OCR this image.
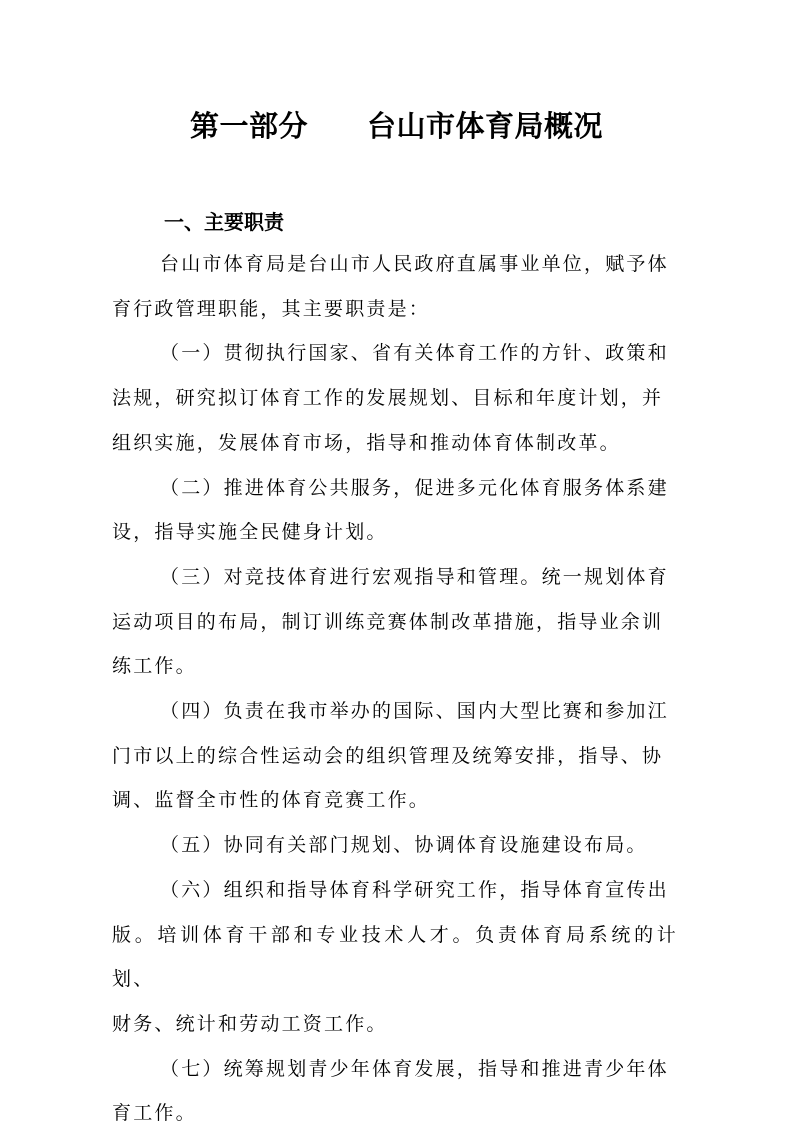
第一部分　　台山市体育局概况
一、主要职责
台山市体育局是台山市人民政府直属事业单位，赋予体
育行政管理职能，其主要职责是：
（一）贯彻执行国家、省有关体育工作的方针、政策和
法规，研究拟订体育工作的发展规划、目标和年度计划，并
组织实施，发展体育市场，指导和推动体育体制改革。
（二）推进体育公共服务，促进多元化体育服务体系建
设，指导实施全民健身计划。
（三）对竞技体育进行宏观指导和管理。统一规划体育
运动项目的布局，制订训练竞赛体制改革措施，指导业余训
练工作。
（四）负责在我市举办的国际、国内大型比赛和参加江
门市以上的综合性运动会的组织管理及统筹安排，指导、协
调、监督全市性的体育竞赛工作。
（五）协同有关部门规划、协调体育设施建设布局。
（六）组织和指导体育科学研究工作，指导体育宣传出
版。培训体育干部和专业技术人才。负责体育局系统的计划、
财务、统计和劳动工资工作。
（七）统筹规划青少年体育发展，指导和推进青少年体
育工作。
